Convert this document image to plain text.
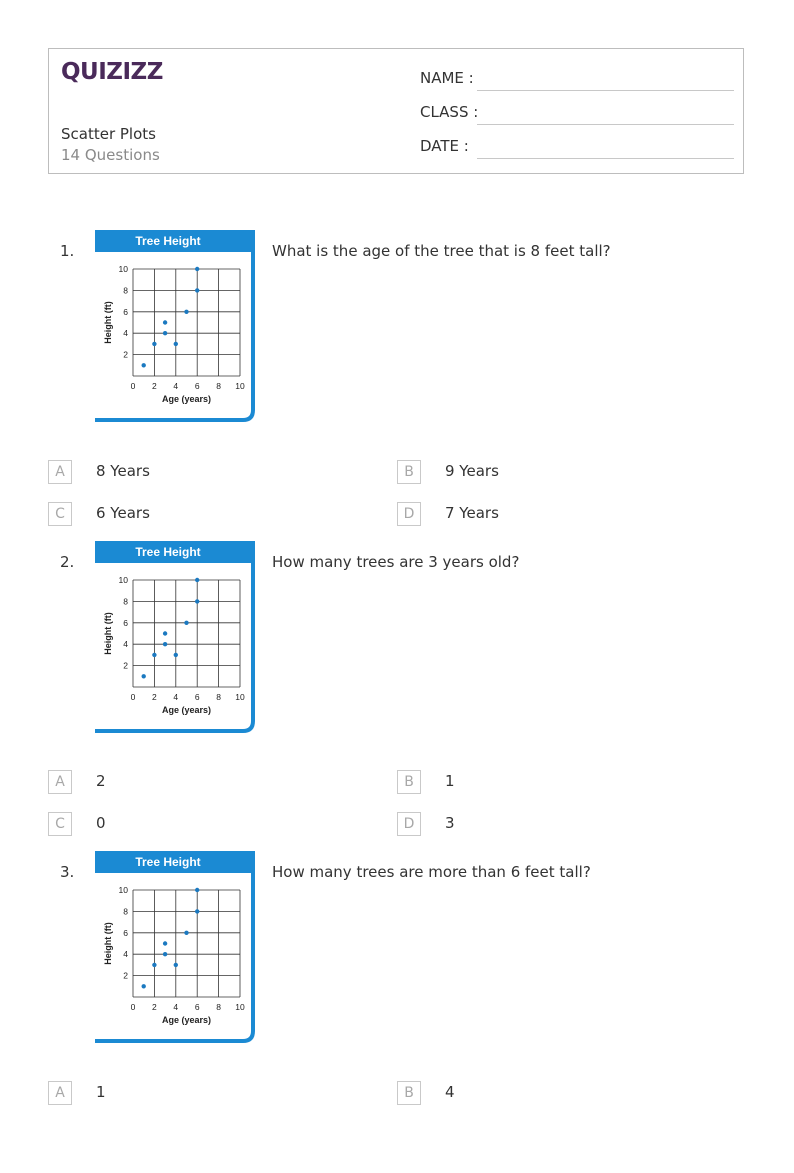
QUIZIZZ
Scatter Plots
14 Questions
NAME :
CLASS :
DATE :
1.
Tree Height
0 2 4 6 8 10
2
4
6
8
10
Age (years)
Height (ft)
What is the age of the tree that is 8 feet tall?
A	8 Years	B	9 Years
C	6 Years	D	7 Years
2.
Tree Height
0 2 4 6 8 10
2
4
6
8
10
Age (years)
Height (ft)
How many trees are 3 years old?
A	2	B	1
C	0	D	3
3.
Tree Height
0 2 4 6 8 10
2
4
6
8
10
Age (years)
Height (ft)
How many trees are more than 6 feet tall?
A	1	B	4
